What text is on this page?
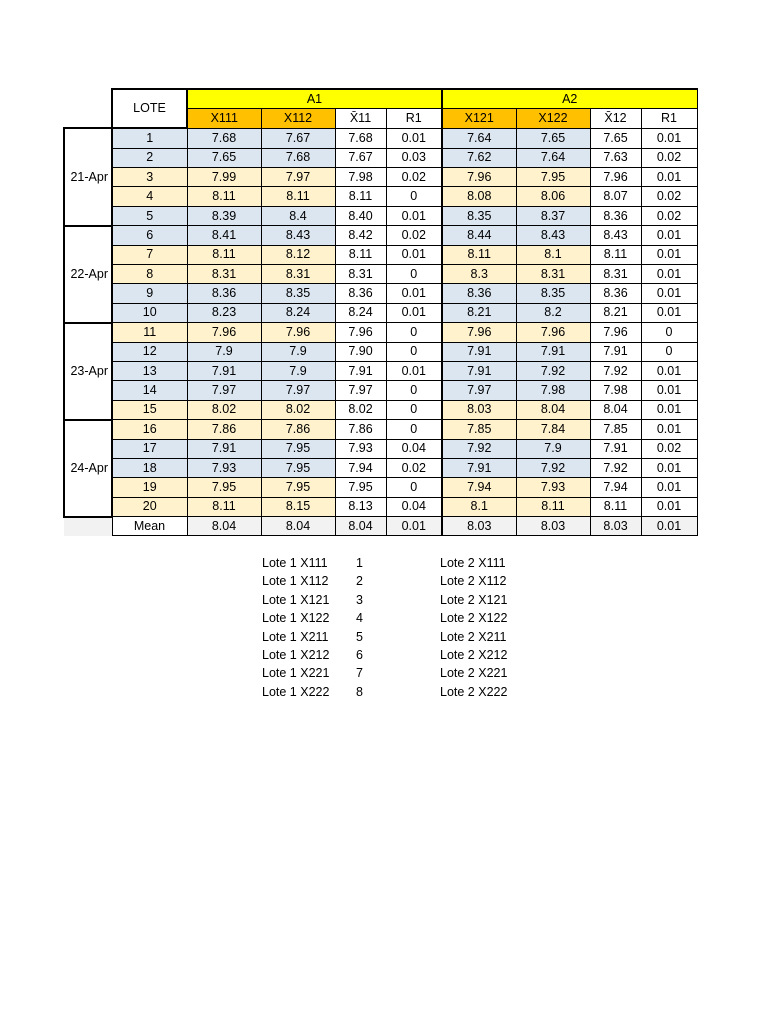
	LOTE	A1				A2			
		X111	X112	X̄11	R1	X121	X122	X̄12	R1
21-Apr	1	7.68	7.67	7.68	0.01	7.64	7.65	7.65	0.01
	2	7.65	7.68	7.67	0.03	7.62	7.64	7.63	0.02
	3	7.99	7.97	7.98	0.02	7.96	7.95	7.96	0.01
	4	8.11	8.11	8.11	0	8.08	8.06	8.07	0.02
	5	8.39	8.4	8.40	0.01	8.35	8.37	8.36	0.02
22-Apr	6	8.41	8.43	8.42	0.02	8.44	8.43	8.43	0.01
	7	8.11	8.12	8.11	0.01	8.11	8.1	8.11	0.01
	8	8.31	8.31	8.31	0	8.3	8.31	8.31	0.01
	9	8.36	8.35	8.36	0.01	8.36	8.35	8.36	0.01
	10	8.23	8.24	8.24	0.01	8.21	8.2	8.21	0.01
23-Apr	11	7.96	7.96	7.96	0	7.96	7.96	7.96	0
	12	7.9	7.9	7.90	0	7.91	7.91	7.91	0
	13	7.91	7.9	7.91	0.01	7.91	7.92	7.92	0.01
	14	7.97	7.97	7.97	0	7.97	7.98	7.98	0.01
	15	8.02	8.02	8.02	0	8.03	8.04	8.04	0.01
24-Apr	16	7.86	7.86	7.86	0	7.85	7.84	7.85	0.01
	17	7.91	7.95	7.93	0.04	7.92	7.9	7.91	0.02
	18	7.93	7.95	7.94	0.02	7.91	7.92	7.92	0.01
	19	7.95	7.95	7.95	0	7.94	7.93	7.94	0.01
	20	8.11	8.15	8.13	0.04	8.1	8.11	8.11	0.01
	Mean	8.04	8.04	8.04	0.01	8.03	8.03	8.03	0.01
Lote 1 X111 1	Lote 2 X111
Lote 1 X112 2	Lote 2 X112
Lote 1 X121 3	Lote 2 X121
Lote 1 X122 4	Lote 2 X122
Lote 1 X211 5	Lote 2 X211
Lote 1 X212 6	Lote 2 X212
Lote 1 X221 7	Lote 2 X221
Lote 1 X222 8	Lote 2 X222
